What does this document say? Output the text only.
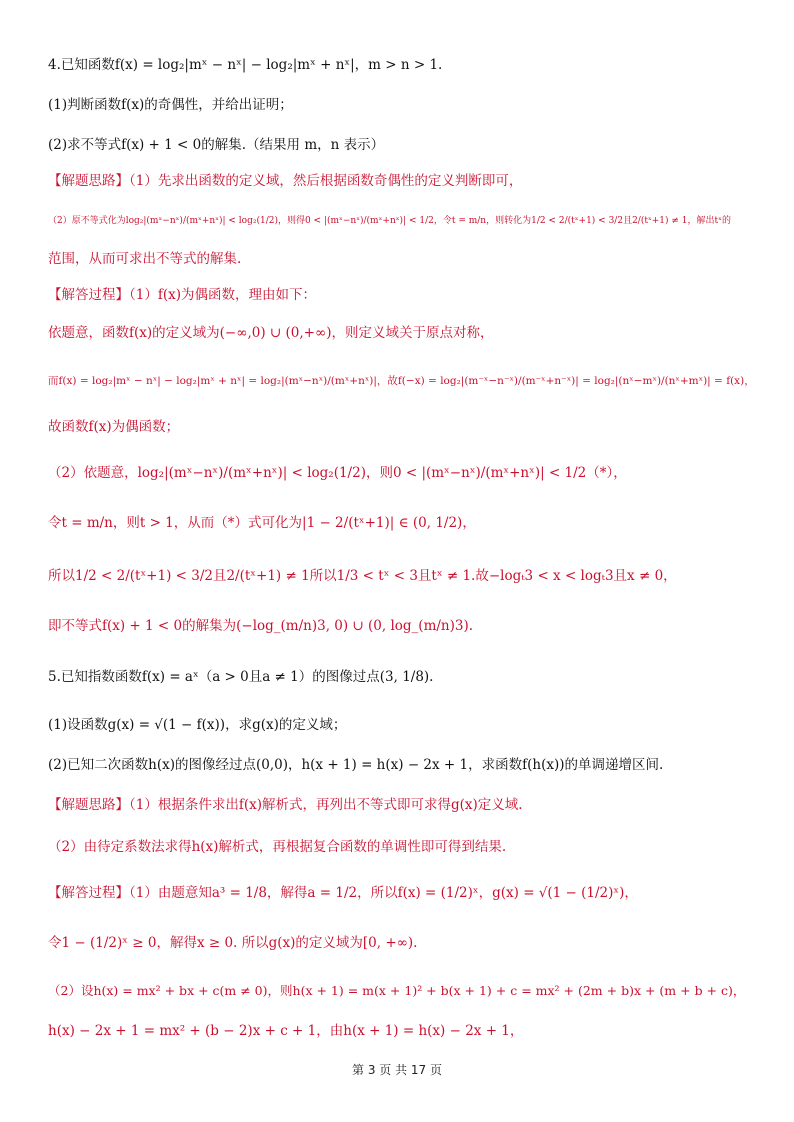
4.已知函数f(x) = log₂|mˣ − nˣ| − log₂|mˣ + nˣ|，m > n > 1.
(1)判断函数f(x)的奇偶性，并给出证明；
(2)求不等式f(x) + 1 < 0的解集.（结果用 m，n 表示）
【解题思路】（1）先求出函数的定义域，然后根据函数奇偶性的定义判断即可，
（2）原不等式化为log₂|(mˣ−nˣ)/(mˣ+nˣ)| < log₂(1/2)，则得0 < |(mˣ−nˣ)/(mˣ+nˣ)| < 1/2，令t = m/n，则转化为1/2 < 2/(tˣ+1) < 3/2且2/(tˣ+1) ≠ 1，解出tˣ的
范围，从而可求出不等式的解集.
【解答过程】（1）f(x)为偶函数，理由如下：
依题意，函数f(x)的定义域为(−∞,0) ∪ (0,+∞)，则定义域关于原点对称，
而f(x) = log₂|mˣ − nˣ| − log₂|mˣ + nˣ| = log₂|(mˣ−nˣ)/(mˣ+nˣ)|，故f(−x) = log₂|(m⁻ˣ−n⁻ˣ)/(m⁻ˣ+n⁻ˣ)| = log₂|(nˣ−mˣ)/(nˣ+mˣ)| = f(x)，
故函数f(x)为偶函数；
（2）依题意，log₂|(mˣ−nˣ)/(mˣ+nˣ)| < log₂(1/2)，则0 < |(mˣ−nˣ)/(mˣ+nˣ)| < 1/2（*），
令t = m/n，则t > 1，从而（*）式可化为|1 − 2/(tˣ+1)| ∈ (0, 1/2)，
所以1/2 < 2/(tˣ+1) < 3/2且2/(tˣ+1) ≠ 1所以1/3 < tˣ < 3且tˣ ≠ 1.故−logₜ3 < x < logₜ3且x ≠ 0，
即不等式f(x) + 1 < 0的解集为(−log_(m/n)3, 0) ∪ (0, log_(m/n)3).
5.已知指数函数f(x) = aˣ（a > 0且a ≠ 1）的图像过点(3, 1/8).
(1)设函数g(x) = √(1 − f(x))，求g(x)的定义域；
(2)已知二次函数h(x)的图像经过点(0,0)，h(x + 1) = h(x) − 2x + 1，求函数f(h(x))的单调递增区间.
【解题思路】（1）根据条件求出f(x)解析式，再列出不等式即可求得g(x)定义域.
（2）由待定系数法求得h(x)解析式，再根据复合函数的单调性即可得到结果.
【解答过程】（1）由题意知a³ = 1/8，解得a = 1/2，所以f(x) = (1/2)ˣ，g(x) = √(1 − (1/2)ˣ)，
令1 − (1/2)ˣ ≥ 0，解得x ≥ 0. 所以g(x)的定义域为[0, +∞).
（2）设h(x) = mx² + bx + c(m ≠ 0)，则h(x + 1) = m(x + 1)² + b(x + 1) + c = mx² + (2m + b)x + (m + b + c)，
h(x) − 2x + 1 = mx² + (b − 2)x + c + 1，由h(x + 1) = h(x) − 2x + 1，
第 3 页 共 17 页
